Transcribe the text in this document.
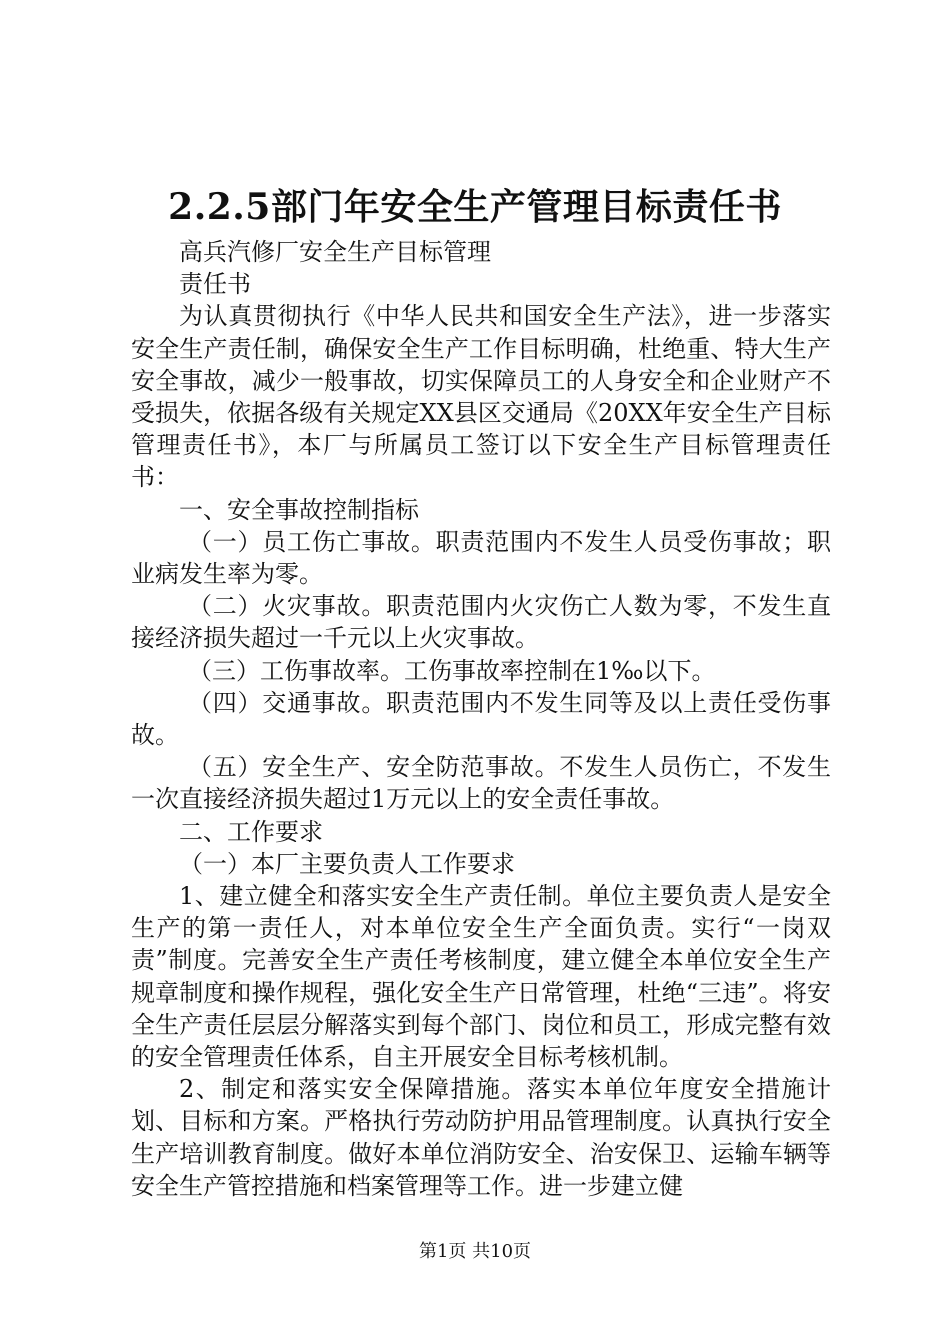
2.2.5部门年安全生产管理目标责任书

高兵汽修厂安全生产目标管理

责任书

为认真贯彻执行《中华人民共和国安全生产法》，进一步落实安全生产责任制，确保安全生产工作目标明确，杜绝重、特大生产安全事故，减少一般事故，切实保障员工的人身安全和企业财产不受损失，依据各级有关规定XX县区交通局《20XX年安全生产目标管理责任书》，本厂与所属员工签订以下安全生产目标管理责任书：

一、安全事故控制指标

（一）员工伤亡事故。职责范围内不发生人员受伤事故；职业病发生率为零。

（二）火灾事故。职责范围内火灾伤亡人数为零，不发生直接经济损失超过一千元以上火灾事故。

（三）工伤事故率。工伤事故率控制在1‰以下。

（四）交通事故。职责范围内不发生同等及以上责任受伤事故。

（五）安全生产、安全防范事故。不发生人员伤亡，不发生一次直接经济损失超过1万元以上的安全责任事故。

二、工作要求

（一）本厂主要负责人工作要求

1、建立健全和落实安全生产责任制。单位主要负责人是安全生产的第一责任人，对本单位安全生产全面负责。实行“一岗双责”制度。完善安全生产责任考核制度，建立健全本单位安全生产规章制度和操作规程，强化安全生产日常管理，杜绝“三违”。将安全生产责任层层分解落实到每个部门、岗位和员工，形成完整有效的安全管理责任体系，自主开展安全目标考核机制。

2、制定和落实安全保障措施。落实本单位年度安全措施计划、目标和方案。严格执行劳动防护用品管理制度。认真执行安全生产培训教育制度。做好本单位消防安全、治安保卫、运输车辆等安全生产管控措施和档案管理等工作。进一步建立健

第1页 共10页
